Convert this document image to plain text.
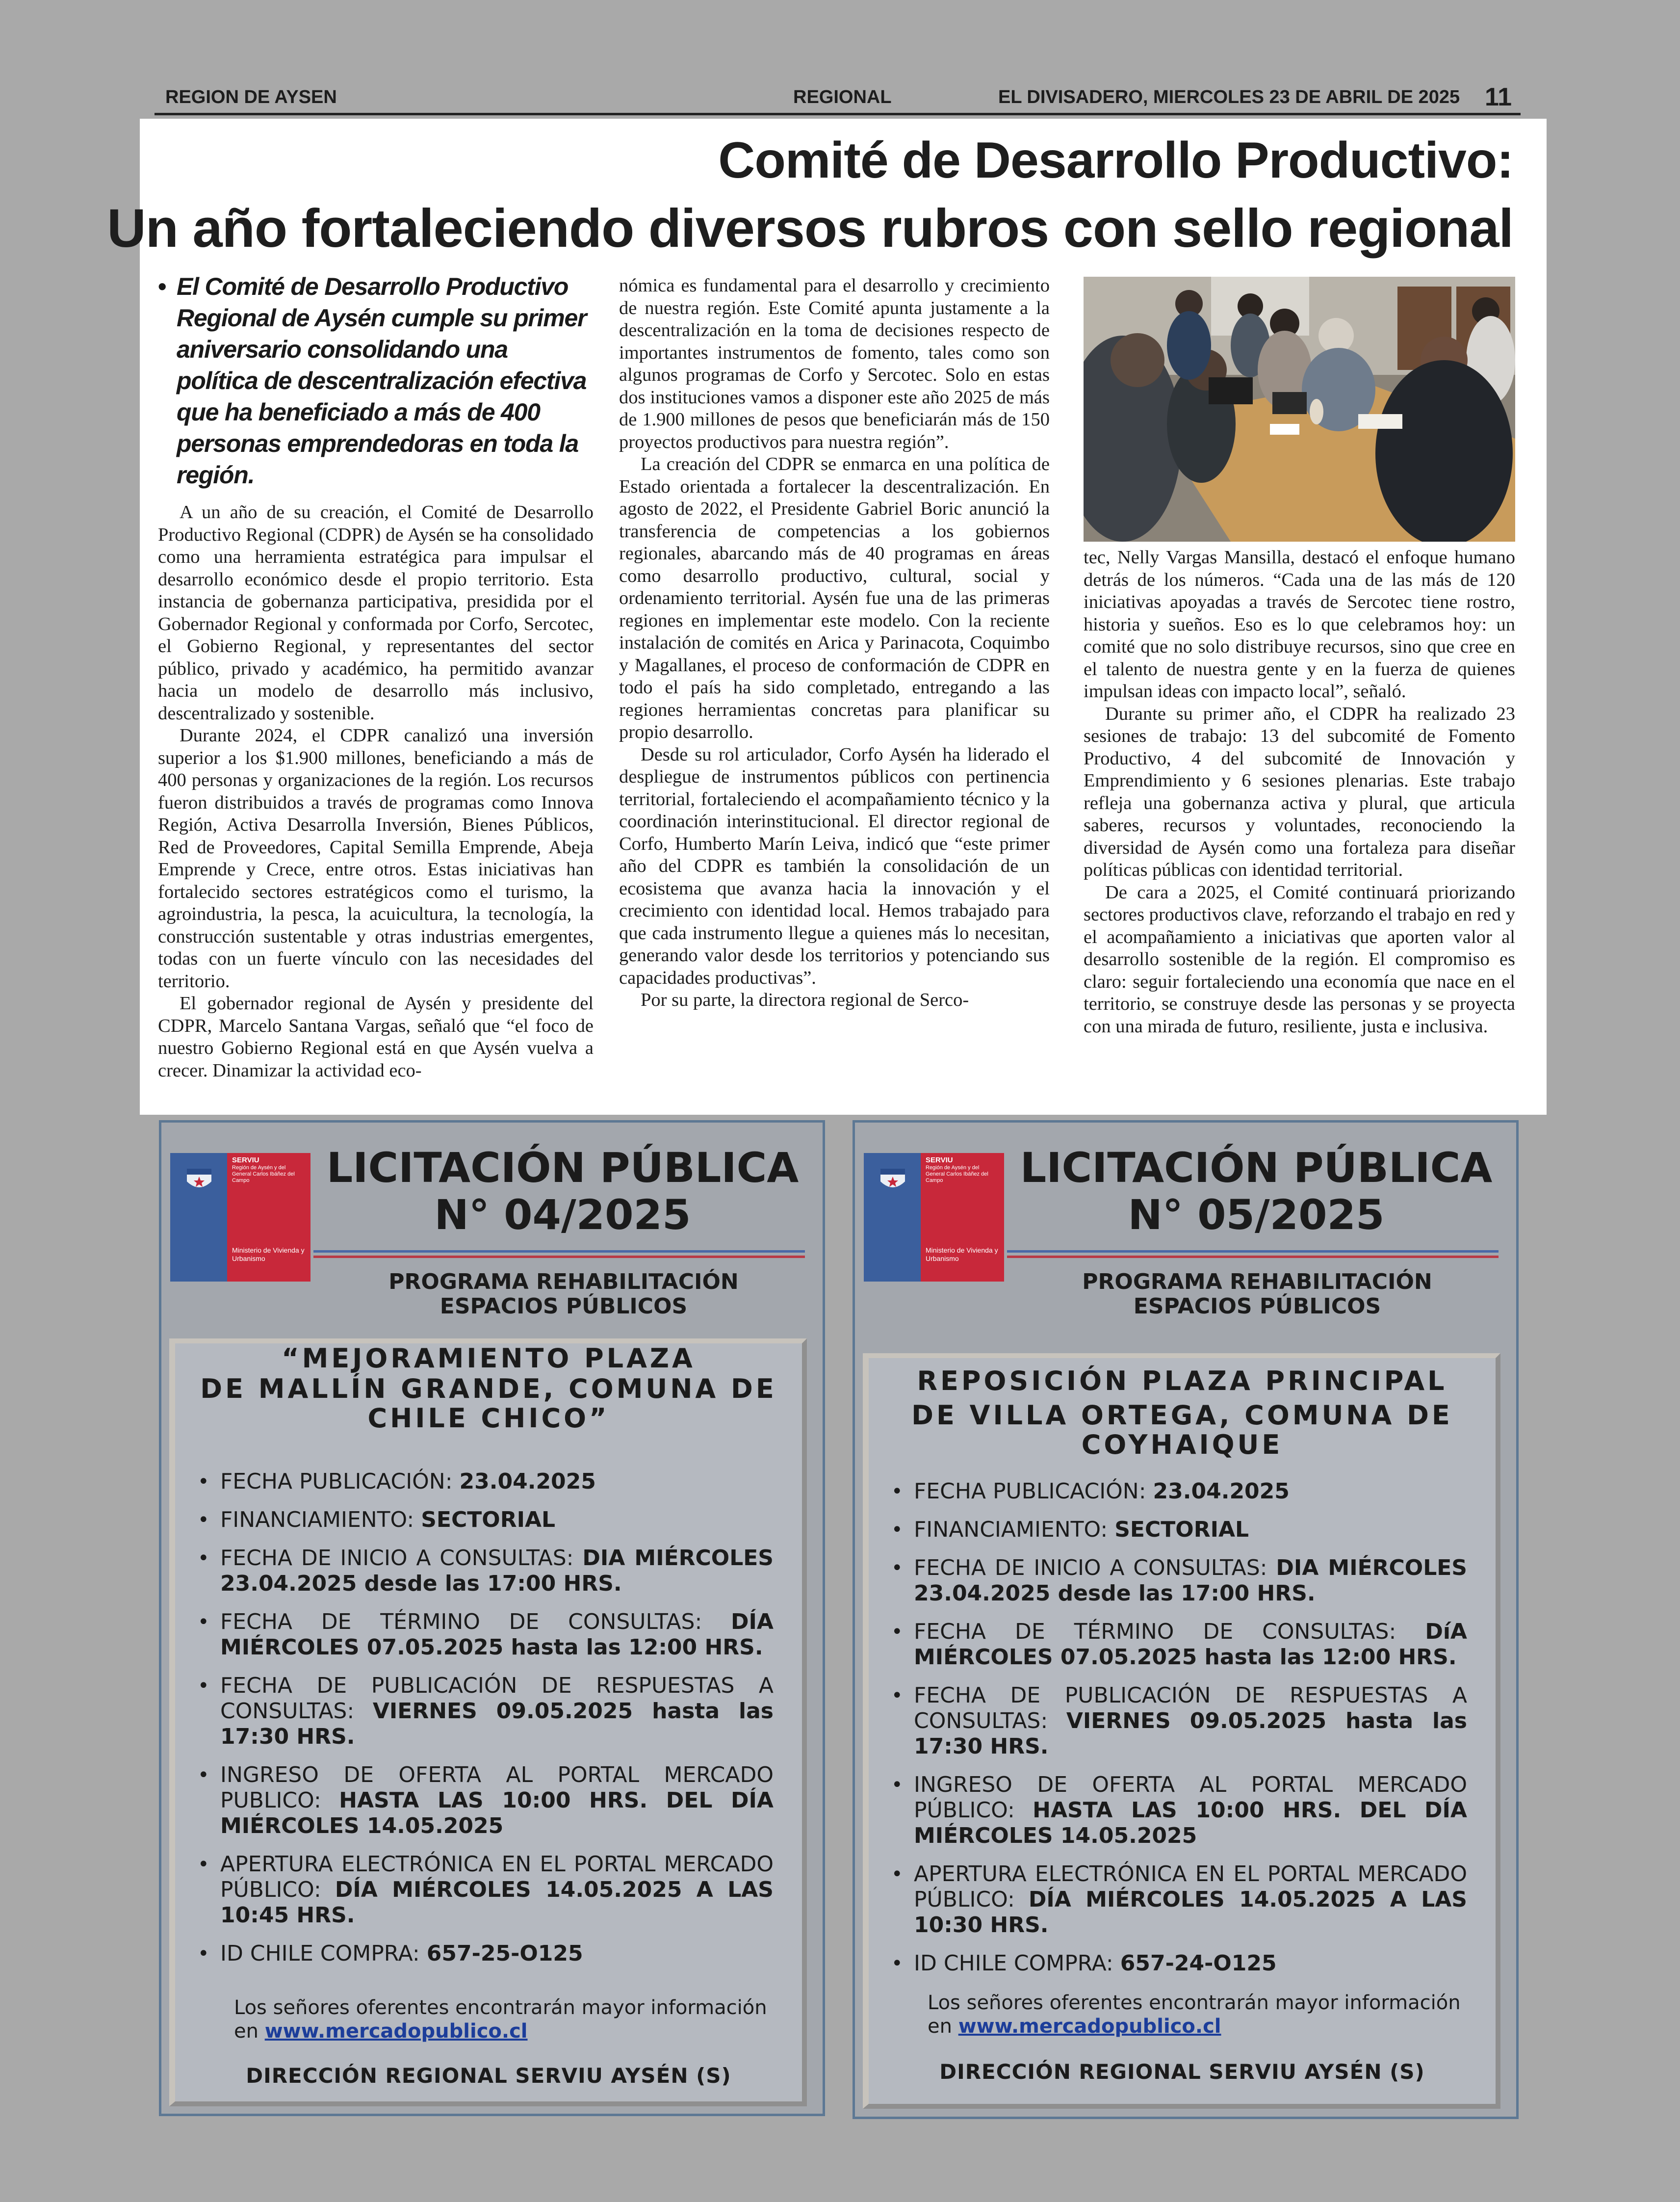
REGION DE AYSEN	REGIONAL	EL DIVISADERO, MIERCOLES 23 DE ABRIL DE 2025 11
Comité de Desarrollo Productivo:
Un año fortaleciendo diversos rubros con sello regional
• El Comité de Desarrollo Productivo Regional de Aysén cumple su primer aniversario consolidando una política de descentralización efectiva que ha beneficiado a más de 400 personas emprendedoras en toda la región.

A un año de su creación, el Comité de Desarrollo Productivo Regional (CDPR) de Aysén se ha consolidado como una herramienta estratégica para impulsar el desarrollo económico desde el propio territorio. Esta instancia de gobernanza participativa, presidida por el Gobernador Regional y conformada por Corfo, Sercotec, el Gobierno Regional, y representantes del sector público, privado y académico, ha permitido avanzar hacia un modelo de desarrollo más inclusivo, descentralizado y sostenible.

Durante 2024, el CDPR canalizó una inversión superior a los $1.900 millones, beneficiando a más de 400 personas y organizaciones de la región. Los recursos fueron distribuidos a través de programas como Innova Región, Activa Desarrolla Inversión, Bienes Públicos, Red de Proveedores, Capital Semilla Emprende, Abeja Emprende y Crece, entre otros. Estas iniciativas han fortalecido sectores estratégicos como el turismo, la agroindustria, la pesca, la acuicultura, la tecnología, la construcción sustentable y otras industrias emergentes, todas con un fuerte vínculo con las necesidades del territorio.

El gobernador regional de Aysén y presidente del CDPR, Marcelo Santana Vargas, señaló que “el foco de nuestro Gobierno Regional está en que Aysén vuelva a crecer. Dinamizar la actividad eco-

nómica es fundamental para el desarrollo y crecimiento de nuestra región. Este Comité apunta justamente a la descentralización en la toma de decisiones respecto de importantes instrumentos de fomento, tales como son algunos programas de Corfo y Sercotec. Solo en estas dos instituciones vamos a disponer este año 2025 de más de 1.900 millones de pesos que beneficiarán más de 150 proyectos productivos para nuestra región”.

La creación del CDPR se enmarca en una política de Estado orientada a fortalecer la descentralización. En agosto de 2022, el Presidente Gabriel Boric anunció la transferencia de competencias a los gobiernos regionales, abarcando más de 40 programas en áreas como desarrollo productivo, cultural, social y ordenamiento territorial. Aysén fue una de las primeras regiones en implementar este modelo. Con la reciente instalación de comités en Arica y Parinacota, Coquimbo y Magallanes, el proceso de conformación de CDPR en todo el país ha sido completado, entregando a las regiones herramientas concretas para planificar su propio desarrollo.

Desde su rol articulador, Corfo Aysén ha liderado el despliegue de instrumentos públicos con pertinencia territorial, fortaleciendo el acompañamiento técnico y la coordinación interinstitucional. El director regional de Corfo, Humberto Marín Leiva, indicó que “este primer año del CDPR es también la consolidación de un ecosistema que avanza hacia la innovación y el crecimiento con identidad local. Hemos trabajado para que cada instrumento llegue a quienes más lo necesitan, generando valor desde los territorios y potenciando sus capacidades productivas”.

Por su parte, la directora regional de Serco-

tec, Nelly Vargas Mansilla, destacó el enfoque humano detrás de los números. “Cada una de las más de 120 iniciativas apoyadas a través de Sercotec tiene rostro, historia y sueños. Eso es lo que celebramos hoy: un comité que no solo distribuye recursos, sino que cree en el talento de nuestra gente y en la fuerza de quienes impulsan ideas con impacto local”, señaló.

Durante su primer año, el CDPR ha realizado 23 sesiones de trabajo: 13 del subcomité de Fomento Productivo, 4 del subcomité de Innovación y Emprendimiento y 6 sesiones plenarias. Este trabajo refleja una gobernanza activa y plural, que articula saberes, recursos y voluntades, reconociendo la diversidad de Aysén como una fortaleza para diseñar políticas públicas con identidad territorial.

De cara a 2025, el Comité continuará priorizando sectores productivos clave, reforzando el trabajo en red y el acompañamiento a iniciativas que aporten valor al desarrollo sostenible de la región. El compromiso es claro: seguir fortaleciendo una economía que nace en el territorio, se construye desde las personas y se proyecta con una mirada de futuro, resiliente, justa e inclusiva.

SERVIU
Región de Aysén y del General Carlos Ibáñez del Campo
Ministerio de Vivienda y Urbanismo
LICITACIÓN PÚBLICA
N° 04/2025
PROGRAMA REHABILITACIÓN
ESPACIOS PÚBLICOS
“MEJORAMIENTO PLAZA
DE MALLÍN GRANDE, COMUNA DE
CHILE CHICO”
• FECHA PUBLICACIÓN: 23.04.2025
• FINANCIAMIENTO: SECTORIAL
• FECHA DE INICIO A CONSULTAS: DIA MIÉRCOLES 23.04.2025 desde las 17:00 HRS.
• FECHA DE TÉRMINO DE CONSULTAS: DÍA MIÉRCOLES 07.05.2025 hasta las 12:00 HRS.
• FECHA DE PUBLICACIÓN DE RESPUESTAS A CONSULTAS: VIERNES 09.05.2025 hasta las 17:30 HRS.
• INGRESO DE OFERTA AL PORTAL MERCADO PUBLICO: HASTA LAS 10:00 HRS. DEL DÍA MIÉRCOLES 14.05.2025
• APERTURA ELECTRÓNICA EN EL PORTAL MERCADO PÚBLICO: DÍA MIÉRCOLES 14.05.2025 A LAS 10:45 HRS.
• ID CHILE COMPRA: 657-25-O125
Los señores oferentes encontrarán mayor información en www.mercadopublico.cl
DIRECCIÓN REGIONAL SERVIU AYSÉN (S)
SERVIU
Región de Aysén y del General Carlos Ibáñez del Campo
Ministerio de Vivienda y Urbanismo
LICITACIÓN PÚBLICA
N° 05/2025
PROGRAMA REHABILITACIÓN
ESPACIOS PÚBLICOS
REPOSICIÓN PLAZA PRINCIPAL
DE VILLA ORTEGA, COMUNA DE
COYHAIQUE
• FECHA PUBLICACIÓN: 23.04.2025
• FINANCIAMIENTO: SECTORIAL
• FECHA DE INICIO A CONSULTAS: DIA MIÉRCOLES 23.04.2025 desde las 17:00 HRS.
• FECHA DE TÉRMINO DE CONSULTAS: DíA MIÉRCOLES 07.05.2025 hasta las 12:00 HRS.
• FECHA DE PUBLICACIÓN DE RESPUESTAS A CONSULTAS: VIERNES 09.05.2025 hasta las 17:30 HRS.
• INGRESO DE OFERTA AL PORTAL MERCADO PÚBLICO: HASTA LAS 10:00 HRS. DEL DÍA MIÉRCOLES 14.05.2025
• APERTURA ELECTRÓNICA EN EL PORTAL MERCADO PÚBLICO: DÍA MIÉRCOLES 14.05.2025 A LAS 10:30 HRS.
• ID CHILE COMPRA: 657-24-O125
Los señores oferentes encontrarán mayor información en www.mercadopublico.cl
DIRECCIÓN REGIONAL SERVIU AYSÉN (S)
